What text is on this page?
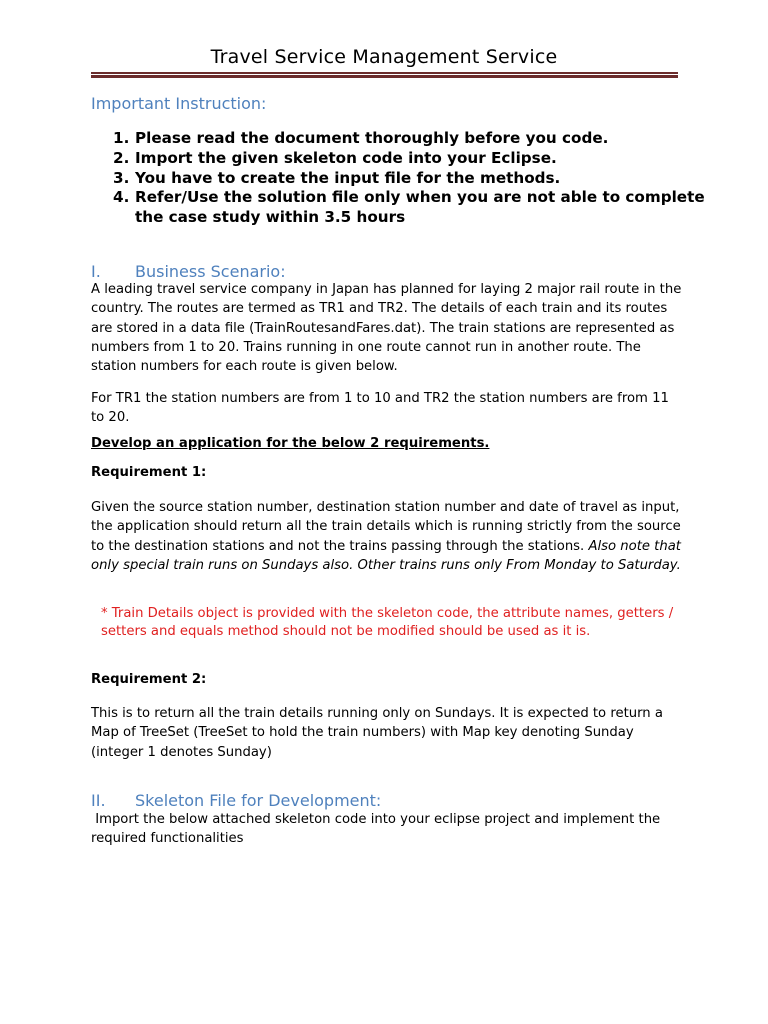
Travel Service Management Service
Important Instruction:
1. Please read the document thoroughly before you code.
2. Import the given skeleton code into your Eclipse.
3. You have to create the input file for the methods.
4. Refer/Use the solution file only when you are not able to complete the case study within 3.5 hours
I. Business Scenario:
A leading travel service company in Japan has planned for laying 2 major rail route in the country. The routes are termed as TR1 and TR2. The details of each train and its routes are stored in a data file (TrainRoutesandFares.dat). The train stations are represented as numbers from 1 to 20. Trains running in one route cannot run in another route. The station numbers for each route is given below.
For TR1 the station numbers are from 1 to 10 and TR2 the station numbers are from 11 to 20.
Develop an application for the below 2 requirements.
Requirement 1:
Given the source station number, destination station number and date of travel as input, the application should return all the train details which is running strictly from the source to the destination stations and not the trains passing through the stations. Also note that only special train runs on Sundays also. Other trains runs only From Monday to Saturday.
* Train Details object is provided with the skeleton code, the attribute names, getters / setters and equals method should not be modified should be used as it is.
Requirement 2:
This is to return all the train details running only on Sundays. It is expected to return a Map of TreeSet (TreeSet to hold the train numbers) with Map key denoting Sunday (integer 1 denotes Sunday)
II. Skeleton File for Development:
Import the below attached skeleton code into your eclipse project and implement the required functionalities
